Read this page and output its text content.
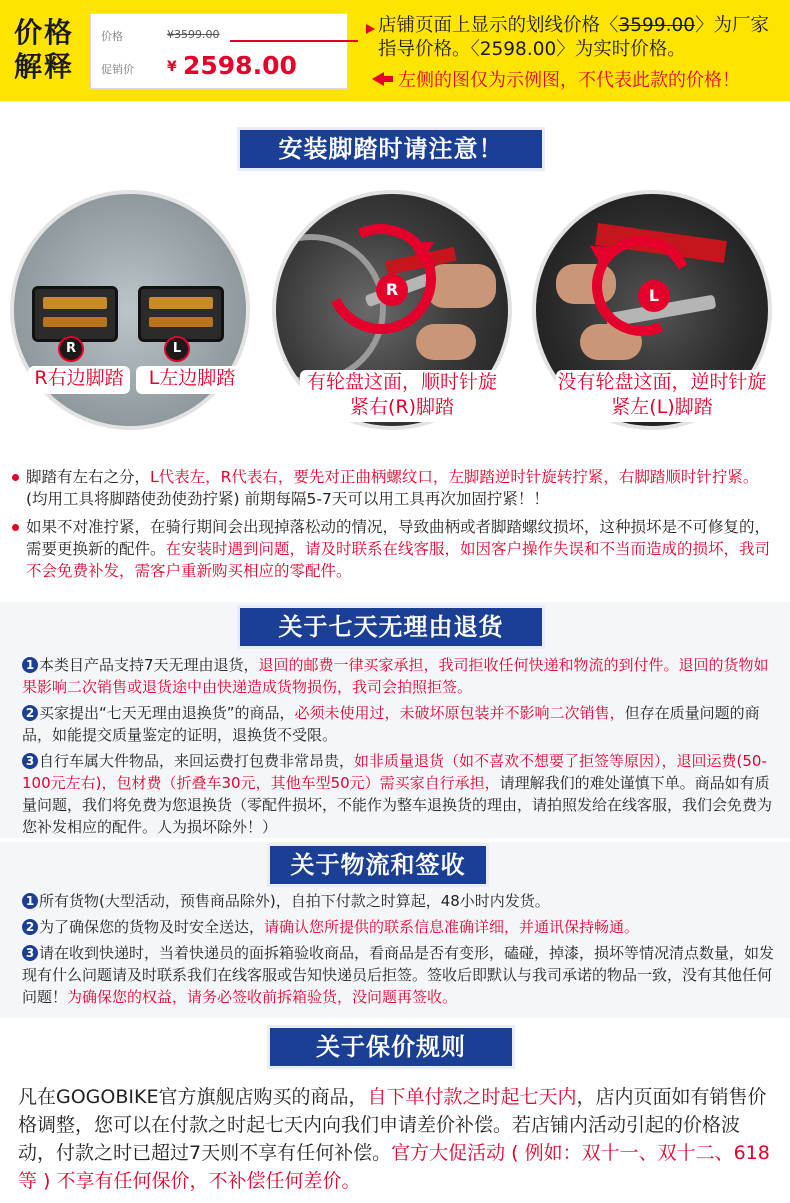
价格解释
价格	¥3599.00
促销价 ¥ 2598.00
店铺页面上显示的划线价格〈3599.00〉为厂家指导价格。〈2598.00〉为实时价格。
左侧的图仅为示例图，不代表此款的价格！
安装脚踏时请注意！
R	L
R右边脚踏	L左边脚踏
R
有轮盘这面，顺时针旋紧右(R)脚踏
L
没有轮盘这面，逆时针旋紧左(L)脚踏
脚踏有左右之分，L代表左，R代表右，要先对正曲柄螺纹口，左脚踏逆时针旋转拧紧，右脚踏顺时针拧紧。(均用工具将脚踏使劲使劲拧紧) 前期每隔5-7天可以用工具再次加固拧紧！！
如果不对准拧紧，在骑行期间会出现掉落松动的情况，导致曲柄或者脚踏螺纹损坏，这种损坏是不可修复的，需要更换新的配件。在安装时遇到问题，请及时联系在线客服，如因客户操作失误和不当而造成的损坏，我司不会免费补发，需客户重新购买相应的零配件。
关于七天无理由退货
1 本类目产品支持7天无理由退货，退回的邮费一律买家承担，我司拒收任何快递和物流的到付件。退回的货物如果影响二次销售或退货途中由快递造成货物损伤，我司会拍照拒签。
2 买家提出“七天无理由退换货”的商品，必须未使用过，未破坏原包装并不影响二次销售，但存在质量问题的商品，如能提交质量鉴定的证明，退换货不受限。
3 自行车属大件物品，来回运费打包费非常昂贵，如非质量退货（如不喜欢不想要了拒签等原因），退回运费(50-100元左右)，包材费（折叠车30元，其他车型50元）需买家自行承担，请理解我们的难处谨慎下单。商品如有质量问题，我们将免费为您退换货（零配件损坏，不能作为整车退换货的理由，请拍照发给在线客服，我们会免费为您补发相应的配件。人为损坏除外！）
关于物流和签收
1 所有货物(大型活动，预售商品除外)，自拍下付款之时算起，48小时内发货。
2 为了确保您的货物及时安全送达，请确认您所提供的联系信息准确详细，并通讯保持畅通。
3 请在收到快递时，当着快递员的面拆箱验收商品，看商品是否有变形，磕碰，掉漆，损坏等情况清点数量，如发现有什么问题请及时联系我们在线客服或告知快递员后拒签。签收后即默认与我司承诺的物品一致，没有其他任何问题！为确保您的权益，请务必签收前拆箱验货，没问题再签收。
关于保价规则
凡在GOGOBIKE官方旗舰店购买的商品，自下单付款之时起七天内，店内页面如有销售价格调整，您可以在付款之时起七天内向我们申请差价补偿。若店铺内活动引起的价格波动，付款之时已超过7天则不享有任何补偿。官方大促活动 ( 例如：双十一、双十二、618 等 ) 不享有任何保价，不补偿任何差价。
